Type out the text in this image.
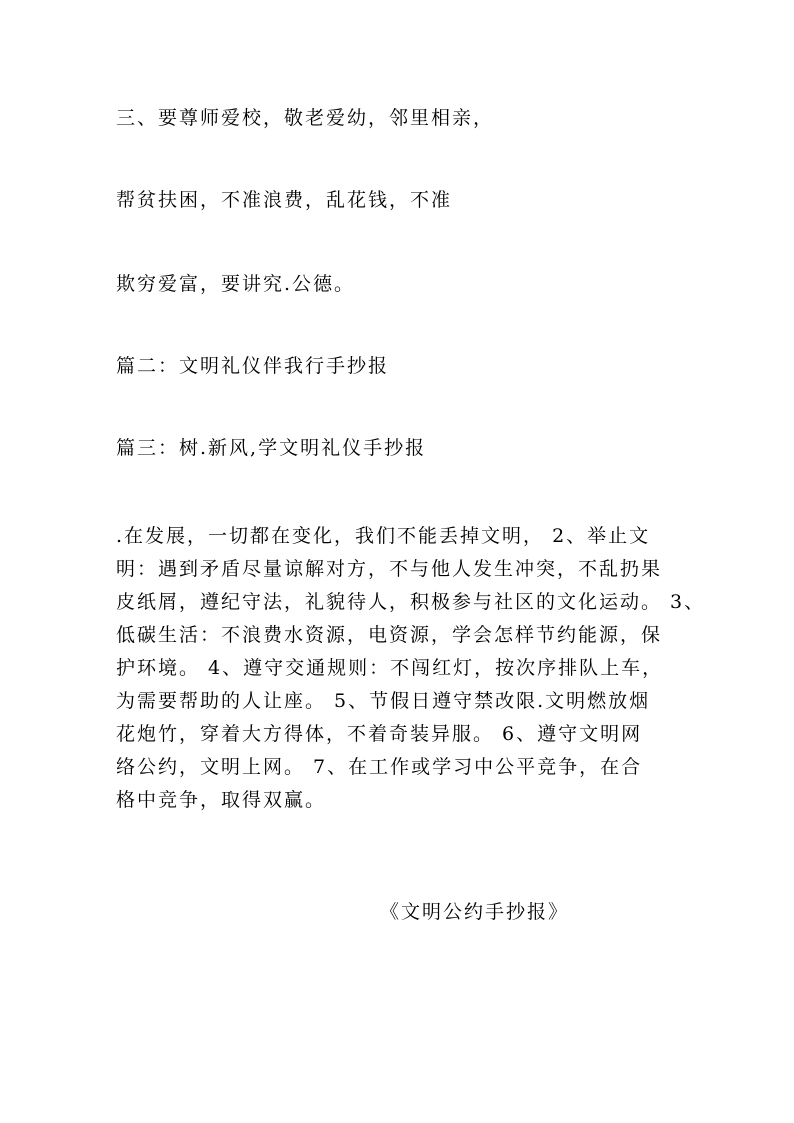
三、要尊师爱校，敬老爱幼，邻里相亲，
帮贫扶困，不准浪费，乱花钱，不准
欺穷爱富，要讲究.公德。
篇二：文明礼仪伴我行手抄报
篇三：树.新风,学文明礼仪手抄报
.在发展，一切都在变化，我们不能丢掉文明， 2、举止文
明：遇到矛盾尽量谅解对方，不与他人发生冲突，不乱扔果
皮纸屑，遵纪守法，礼貌待人，积极参与社区的文化运动。 3、
低碳生活：不浪费水资源，电资源，学会怎样节约能源，保
护环境。 4、遵守交通规则：不闯红灯，按次序排队上车，
为需要帮助的人让座。 5、节假日遵守禁改限.文明燃放烟
花炮竹，穿着大方得体，不着奇装异服。 6、遵守文明网
络公约，文明上网。 7、在工作或学习中公平竞争，在合
格中竞争，取得双赢。
《文明公约手抄报》
